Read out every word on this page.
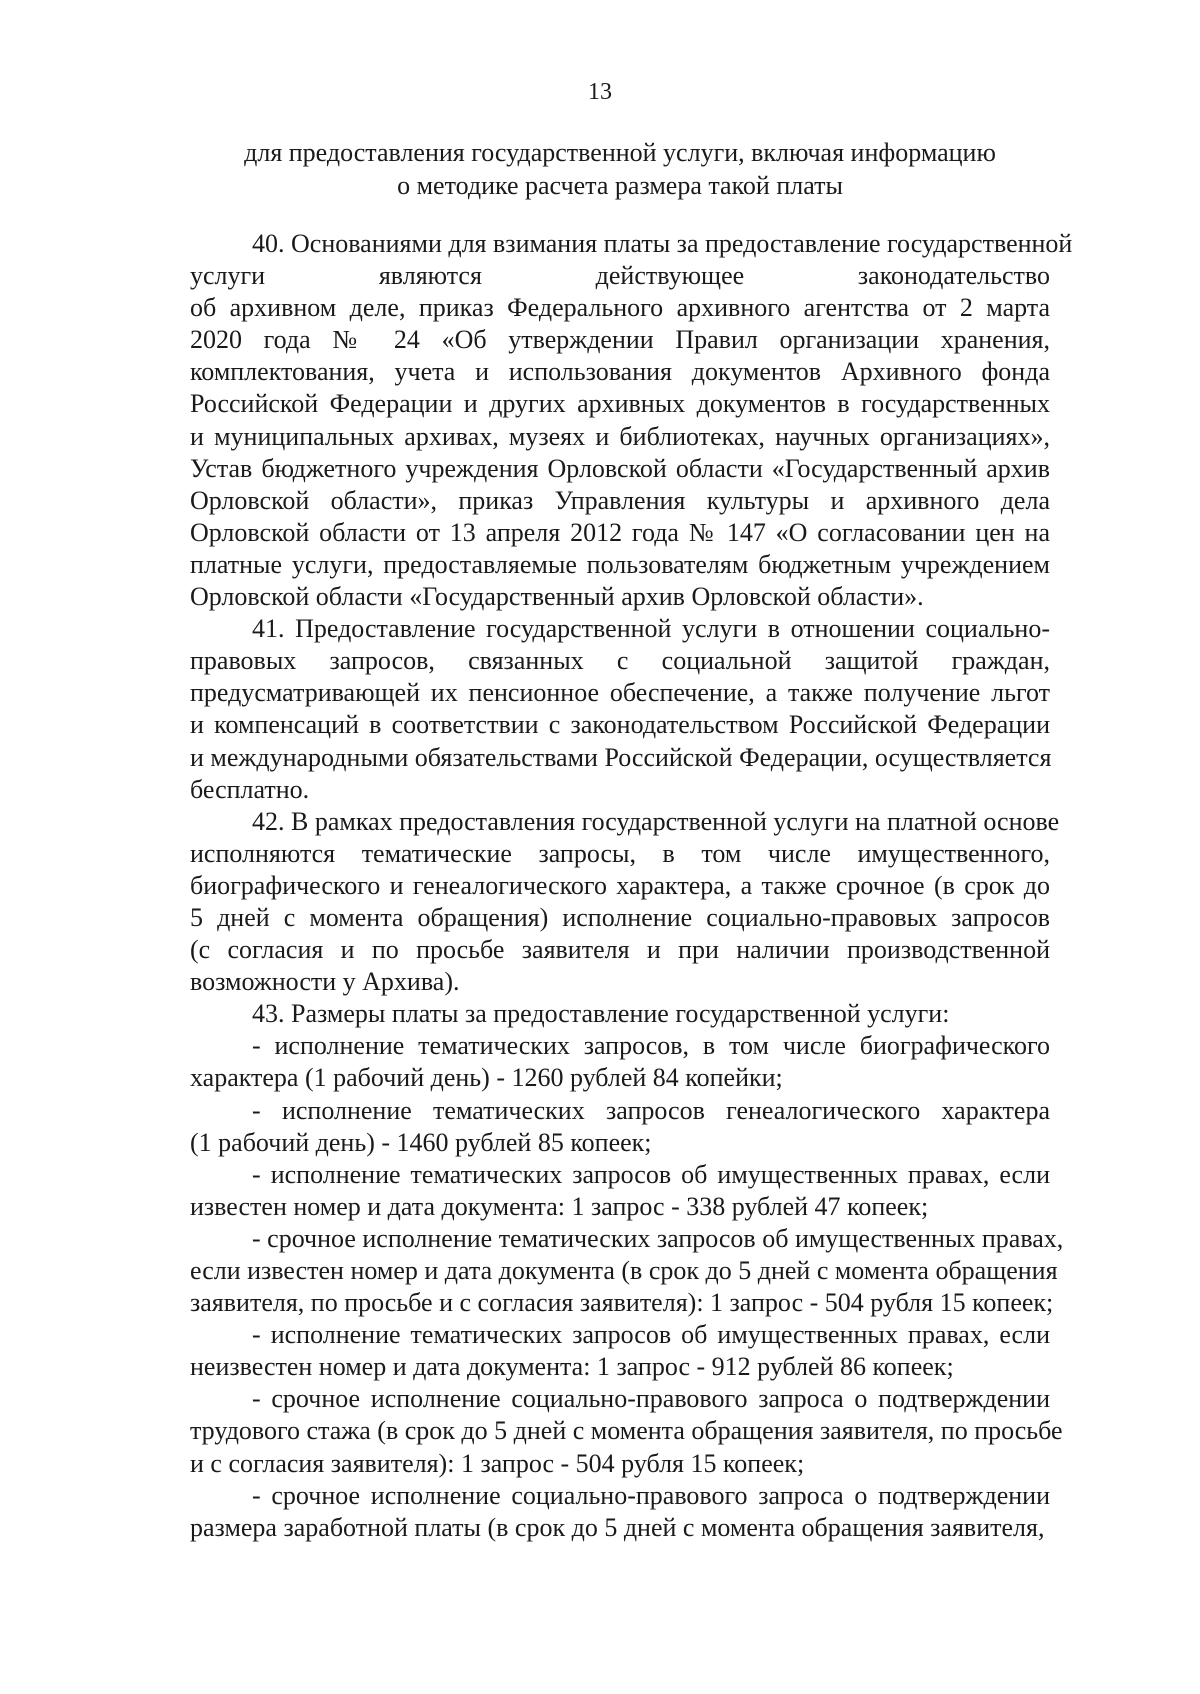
13
для предоставления государственной услуги, включая информацию
о методике расчета размера такой платы
40. Основаниями для взимания платы за предоставление государственной
услуги являются действующее законодательство
об архивном деле, приказ Федерального архивного агентства от 2 марта
2020 года № 24 «Об утверждении Правил организации хранения,
комплектования, учета и использования документов Архивного фонда
Российской Федерации и других архивных документов в государственных
и муниципальных архивах, музеях и библиотеках, научных организациях»,
Устав бюджетного учреждения Орловской области «Государственный архив
Орловской области», приказ Управления культуры и архивного дела
Орловской области от 13 апреля 2012 года № 147 «О согласовании цен на
платные услуги, предоставляемые пользователям бюджетным учреждением
Орловской области «Государственный архив Орловской области».
41. Предоставление государственной услуги в отношении социально-
правовых запросов, связанных с социальной защитой граждан,
предусматривающей их пенсионное обеспечение, а также получение льгот
и компенсаций в соответствии с законодательством Российской Федерации
и международными обязательствами Российской Федерации, осуществляется
бесплатно.
42. В рамках предоставления государственной услуги на платной основе
исполняются тематические запросы, в том числе имущественного,
биографического и генеалогического характера, а также срочное (в срок до
5 дней с момента обращения) исполнение социально-правовых запросов
(с согласия и по просьбе заявителя и при наличии производственной
возможности у Архива).
43. Размеры платы за предоставление государственной услуги:
- исполнение тематических запросов, в том числе биографического
характера (1 рабочий день) - 1260 рублей 84 копейки;
- исполнение тематических запросов генеалогического характера
(1 рабочий день) - 1460 рублей 85 копеек;
- исполнение тематических запросов об имущественных правах, если
известен номер и дата документа: 1 запрос - 338 рублей 47 копеек;
- срочное исполнение тематических запросов об имущественных правах,
если известен номер и дата документа (в срок до 5 дней с момента обращения
заявителя, по просьбе и с согласия заявителя): 1 запрос - 504 рубля 15 копеек;
- исполнение тематических запросов об имущественных правах, если
неизвестен номер и дата документа: 1 запрос - 912 рублей 86 копеек;
- срочное исполнение социально-правового запроса о подтверждении
трудового стажа (в срок до 5 дней с момента обращения заявителя, по просьбе
и с согласия заявителя): 1 запрос - 504 рубля 15 копеек;
- срочное исполнение социально-правового запроса о подтверждении
размера заработной платы (в срок до 5 дней с момента обращения заявителя,
